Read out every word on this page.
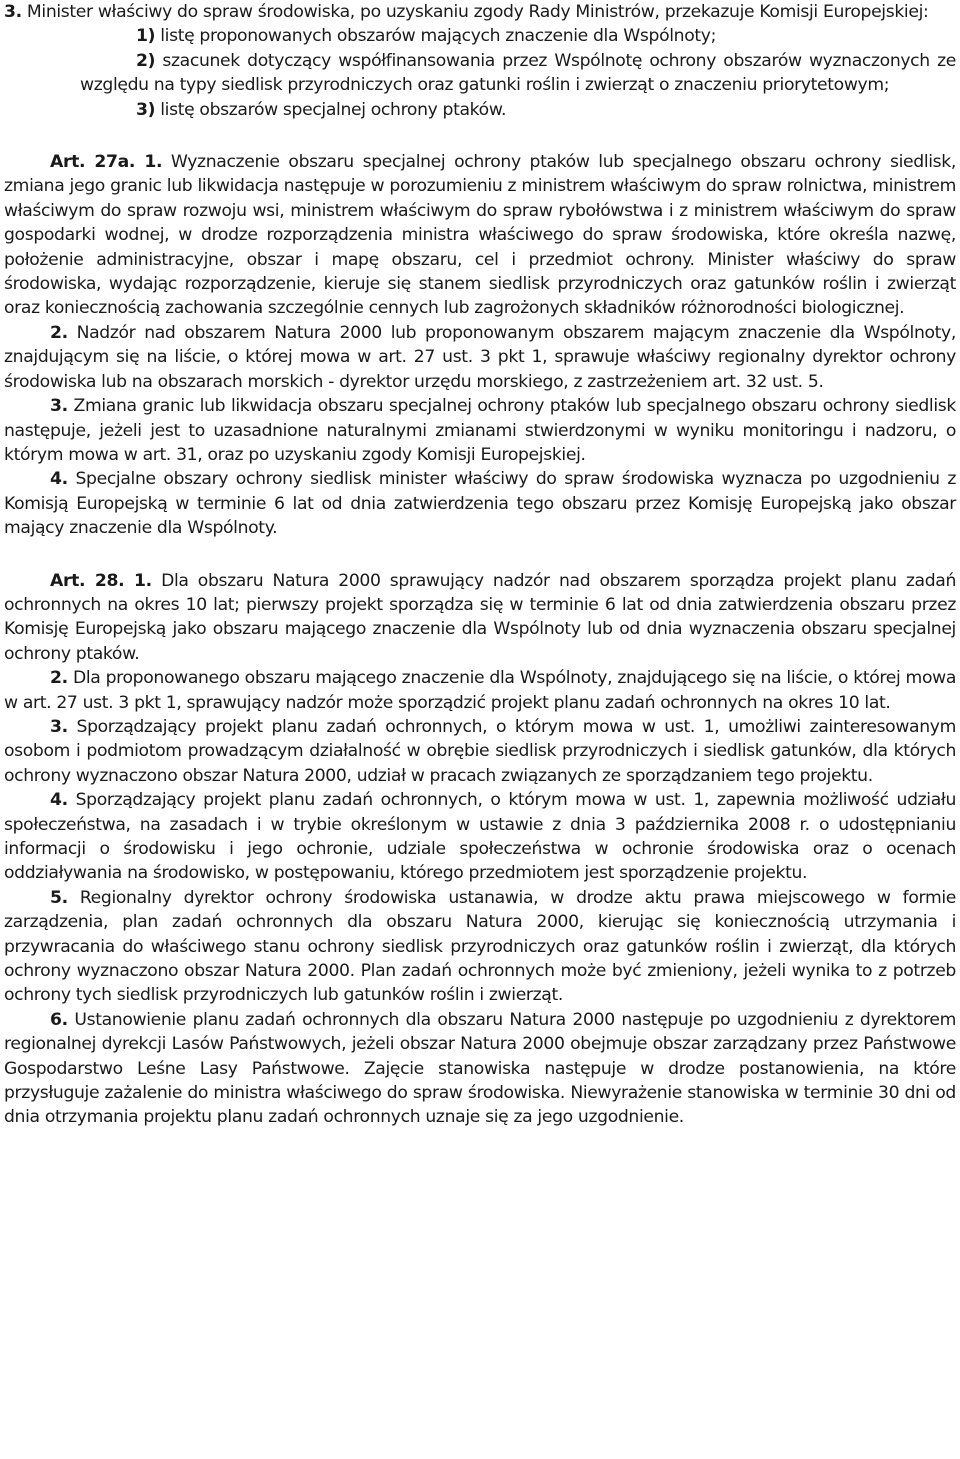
3. Minister właściwy do spraw środowiska, po uzyskaniu zgody Rady Ministrów, przekazuje Komisji Europejskiej:

1) listę proponowanych obszarów mających znaczenie dla Wspólnoty;

2) szacunek dotyczący współfinansowania przez Wspólnotę ochrony obszarów wyznaczonych ze względu na typy siedlisk przyrodniczych oraz gatunki roślin i zwierząt o znaczeniu priorytetowym;

3) listę obszarów specjalnej ochrony ptaków.

Art. 27a. 1. Wyznaczenie obszaru specjalnej ochrony ptaków lub specjalnego obszaru ochrony siedlisk, zmiana jego granic lub likwidacja następuje w porozumieniu z ministrem właściwym do spraw rolnictwa, ministrem właściwym do spraw rozwoju wsi, ministrem właściwym do spraw rybołówstwa i z ministrem właściwym do spraw gospodarki wodnej, w drodze rozporządzenia ministra właściwego do spraw środowiska, które określa nazwę, położenie administracyjne, obszar i mapę obszaru, cel i przedmiot ochrony. Minister właściwy do spraw środowiska, wydając rozporządzenie, kieruje się stanem siedlisk przyrodniczych oraz gatunków roślin i zwierząt oraz koniecznością zachowania szczególnie cennych lub zagrożonych składników różnorodności biologicznej.

2. Nadzór nad obszarem Natura 2000 lub proponowanym obszarem mającym znaczenie dla Wspólnoty, znajdującym się na liście, o której mowa w art. 27 ust. 3 pkt 1, sprawuje właściwy regionalny dyrektor ochrony środowiska lub na obszarach morskich - dyrektor urzędu morskiego, z zastrzeżeniem art. 32 ust. 5.

3. Zmiana granic lub likwidacja obszaru specjalnej ochrony ptaków lub specjalnego obszaru ochrony siedlisk następuje, jeżeli jest to uzasadnione naturalnymi zmianami stwierdzonymi w wyniku monitoringu i nadzoru, o którym mowa w art. 31, oraz po uzyskaniu zgody Komisji Europejskiej.

4. Specjalne obszary ochrony siedlisk minister właściwy do spraw środowiska wyznacza po uzgodnieniu z Komisją Europejską w terminie 6 lat od dnia zatwierdzenia tego obszaru przez Komisję Europejską jako obszar mający znaczenie dla Wspólnoty.

Art. 28. 1. Dla obszaru Natura 2000 sprawujący nadzór nad obszarem sporządza projekt planu zadań ochronnych na okres 10 lat; pierwszy projekt sporządza się w terminie 6 lat od dnia zatwierdzenia obszaru przez Komisję Europejską jako obszaru mającego znaczenie dla Wspólnoty lub od dnia wyznaczenia obszaru specjalnej ochrony ptaków.

2. Dla proponowanego obszaru mającego znaczenie dla Wspólnoty, znajdującego się na liście, o której mowa w art. 27 ust. 3 pkt 1, sprawujący nadzór może sporządzić projekt planu zadań ochronnych na okres 10 lat.

3. Sporządzający projekt planu zadań ochronnych, o którym mowa w ust. 1, umożliwi zainteresowanym osobom i podmiotom prowadzącym działalność w obrębie siedlisk przyrodniczych i siedlisk gatunków, dla których ochrony wyznaczono obszar Natura 2000, udział w pracach związanych ze sporządzaniem tego projektu.

4. Sporządzający projekt planu zadań ochronnych, o którym mowa w ust. 1, zapewnia możliwość udziału społeczeństwa, na zasadach i w trybie określonym w ustawie z dnia 3 października 2008 r. o udostępnianiu informacji o środowisku i jego ochronie, udziale społeczeństwa w ochronie środowiska oraz o ocenach oddziaływania na środowisko, w postępowaniu, którego przedmiotem jest sporządzenie projektu.

5. Regionalny dyrektor ochrony środowiska ustanawia, w drodze aktu prawa miejscowego w formie zarządzenia, plan zadań ochronnych dla obszaru Natura 2000, kierując się koniecznością utrzymania i przywracania do właściwego stanu ochrony siedlisk przyrodniczych oraz gatunków roślin i zwierząt, dla których ochrony wyznaczono obszar Natura 2000. Plan zadań ochronnych może być zmieniony, jeżeli wynika to z potrzeb ochrony tych siedlisk przyrodniczych lub gatunków roślin i zwierząt.

6. Ustanowienie planu zadań ochronnych dla obszaru Natura 2000 następuje po uzgodnieniu z dyrektorem regionalnej dyrekcji Lasów Państwowych, jeżeli obszar Natura 2000 obejmuje obszar zarządzany przez Państwowe Gospodarstwo Leśne Lasy Państwowe. Zajęcie stanowiska następuje w drodze postanowienia, na które przysługuje zażalenie do ministra właściwego do spraw środowiska. Niewyrażenie stanowiska w terminie 30 dni od dnia otrzymania projektu planu zadań ochronnych uznaje się za jego uzgodnienie.
